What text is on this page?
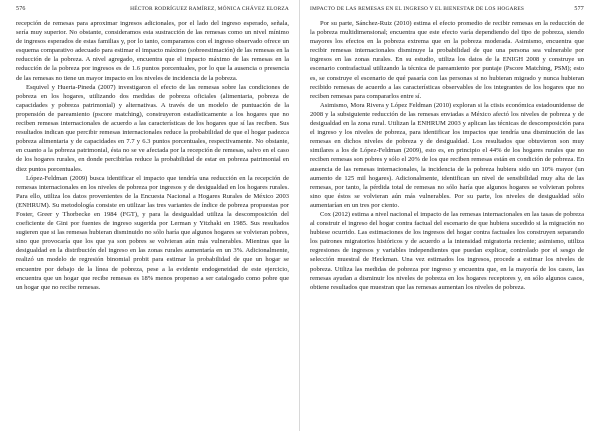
576	HÉCTOR RODRÍGUEZ RAMÍREZ, MÓNICA CHÁVEZ ELORZA

recepción de remesas para aproximar ingresos adicionales, por el lado del ingreso esperado, señala, sería muy superior. No obstante, consideramos esta sustracción de las remesas como un nivel mínimo de ingresos esperados de estas familias y, por lo tanto, comparamos con el ingreso observado ofrece un esquema comparativo adecuado para estimar el impacto máximo (sobreestimación) de las remesas en la reducción de la pobreza. A nivel agregado, encuentra que el impacto máximo de las remesas en la reducción de la pobreza por ingresos es de 1.6 puntos porcentuales, por lo que la ausencia o presencia de las remesas no tiene un mayor impacto en los niveles de incidencia de la pobreza.

Esquivel y Huerta-Pineda (2007) investigaron el efecto de las remesas sobre las condiciones de pobreza en los hogares, utilizando dos medidas de pobreza oficiales (alimentaria, pobreza de capacidades y pobreza patrimonial) y alternativas. A través de un modelo de puntuación de la propensión de pareamiento (pscore matching), construyeron estadísticamente a los hogares que no reciben remesas internacionales de acuerdo a las características de los hogares que sí las reciben. Sus resultados indican que percibir remesas internacionales reduce la probabilidad de que el hogar padezca pobreza alimentaria y de capacidades en 7.7 y 6.3 puntos porcentuales, respectivamente. No obstante, en cuanto a la pobreza patrimonial, ésta no se ve afectada por la recepción de remesas, salvo en el caso de los hogares rurales, en donde percibirlas reduce la probabilidad de estar en pobreza patrimonial en diez puntos porcentuales.

López-Feldman (2009) busca identificar el impacto que tendría una reducción en la recepción de remesas internacionales en los niveles de pobreza por ingresos y de desigualdad en los hogares rurales. Para ello, utiliza los datos provenientes de la Encuesta Nacional a Hogares Rurales de México 2003 (ENHRUM). Su metodología consiste en utilizar las tres variantes de índice de pobreza propuestas por Foster, Greer y Thorbecke en 1984 (FGT), y para la desigualdad utiliza la descomposición del coeficiente de Gini por fuentes de ingreso sugerida por Lerman y Yitzhaki en 1985. Sus resultados sugieren que si las remesas hubieran disminuido no sólo haría que algunos hogares se volvieran pobres, sino que provocaría que los que ya son pobres se volvieran aún más vulnerables. Mientras que la desigualdad en la distribución del ingreso en las zonas rurales aumentaría en un 3%. Adicionalmente, realizó un modelo de regresión binomial probit para estimar la probabilidad de que un hogar se encuentre por debajo de la línea de pobreza, pese a la evidente endogeneidad de este ejercicio, encuentra que un hogar que recibe remesas es 18% menos propenso a ser catalogado como pobre que un hogar que no recibe remesas.

IMPACTO DE LAS REMESAS EN EL INGRESO Y EL BIENESTAR DE LOS HOGARES	577

Por su parte, Sánchez-Ruiz (2010) estima el efecto promedio de recibir remesas en la reducción de la pobreza multidimensional; encuentra que este efecto varía dependiendo del tipo de pobreza, siendo mayores los efectos en la pobreza extrema que en la pobreza moderada. Asimismo, encuentra que recibir remesas internacionales disminuye la probabilidad de que una persona sea vulnerable por ingresos en las zonas rurales. En su estudio, utiliza los datos de la ENIGH 2008 y construye un escenario contrafactual utilizando la técnica de pareamiento por puntaje (Pscore Matching, PSM); esto es, se construye el escenario de qué pasaría con las personas si no hubieran migrado y nunca hubieran recibido remesas de acuerdo a las características observables de los integrantes de los hogares que no reciben remesas para compararlos entre sí.

Asimismo, Mora Rivera y López Feldman (2010) exploran si la ctisis económica estadounidense de 2008 y la subsiguiente reducción de las remesas enviadas a México afectó los niveles de pobreza y de desigualdad en la zona rural. Utilizan la ENHRUM 2003 y aplican las técnicas de descomposición para el ingreso y los niveles de pobreza, para identificar los impactos que tendría una disminución de las remesas en dichos niveles de pobreza y de desigualdad. Los resultados que obtuvieron son muy similares a los de López-Feldman (2009), esto es, en principio el 44% de los hogares rurales que no reciben remesas son pobres y sólo el 20% de los que reciben remesas están en condición de pobreza. En ausencia de las remesas internacionales, la incidencia de la pobreza hubiera sido un 10% mayor (un aumento de 125 mil hogares). Adicionalmente, identifican un nivel de sensibilidad muy alta de las remesas, por tanto, la pérdida total de remesas no sólo haría que algunos hogares se volvieran pobres sino que éstos se volvieran aún más vulnerables. Por su parte, los niveles de desigualdad sólo aumentarían en un tres por ciento.

Cox (2012) estima a nivel nacional el impacto de las remesas internacionales en las tasas de pobreza al construir el ingreso del hogar contra factual del escenario de que hubiera sucedido si la migración no hubiese ocurrido. Las estimaciones de los ingresos del hogar contra factuales los construyen separando los patrones migratorios históricos y de acuerdo a la intensidad migratoria reciente; asimismo, utiliza regresiones de ingresos y variables independientes que puedan explicar, controlado por el sesgo de selección muestral de Heckman. Una vez estimados los ingresos, procede a estimar los niveles de pobreza. Utiliza las medidas de pobreza por ingreso y encuentra que, en la mayoría de los casos, las remesas ayudan a disminuir los niveles de pobreza en los hogares receptores y, en sólo algunos casos, obtiene resultados que muestran que las remesas aumentan los niveles de pobreza.
